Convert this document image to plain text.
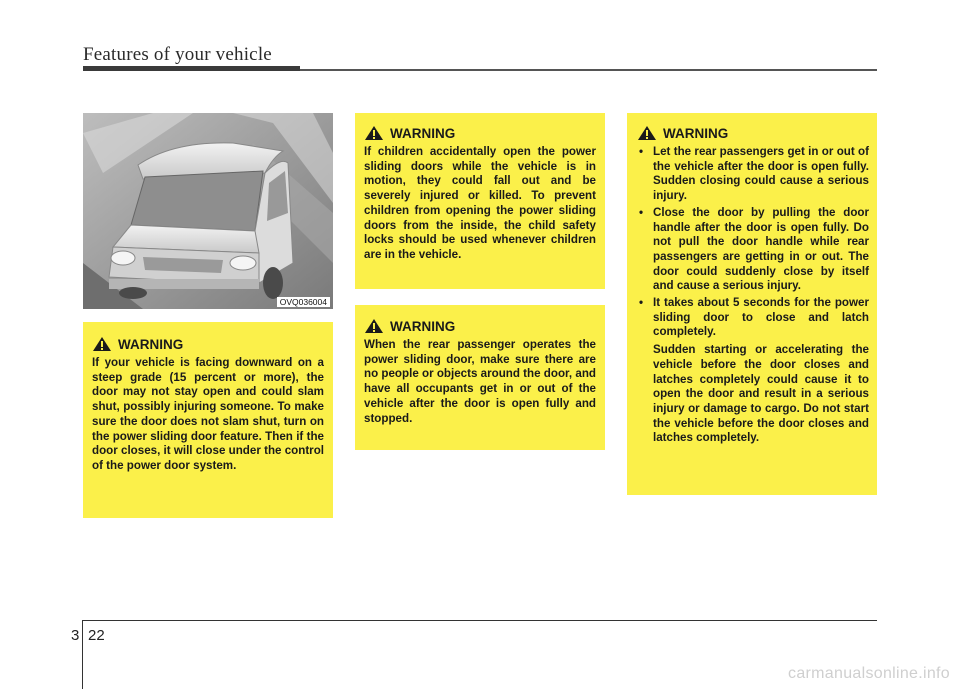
Features of your vehicle
OVQ036004
WARNING
If your vehicle is facing downward on a steep grade (15 percent or more), the door may not stay open and could slam shut, possibly injuring someone. To make sure the door does not slam shut, turn on the power sliding door feature. Then if the door closes, it will close under the control of the power door system.
WARNING
If children accidentally open the power sliding doors while the vehicle is in motion, they could fall out and be severely injured or killed. To prevent children from opening the power sliding doors from the inside, the child safety locks should be used whenever children are in the vehicle.
WARNING
When the rear passenger operates the power sliding door, make sure there are no people or objects around the door, and have all occupants get in or out of the vehicle after the door is open fully and stopped.
WARNING
• Let the rear passengers get in or out of the vehicle after the door is open fully. Sudden closing could cause a serious injury.
• Close the door by pulling the door handle after the door is open fully. Do not pull the door handle while rear passengers are getting in or out. The door could suddenly close by itself and cause a serious injury.
• It takes about 5 seconds for the power sliding door to close and latch completely.
Sudden starting or accelerating the vehicle before the door closes and latches completely could cause it to open the door and result in a serious injury or damage to cargo. Do not start the vehicle before the door closes and latches completely.
3 22
carmanualsonline.info
